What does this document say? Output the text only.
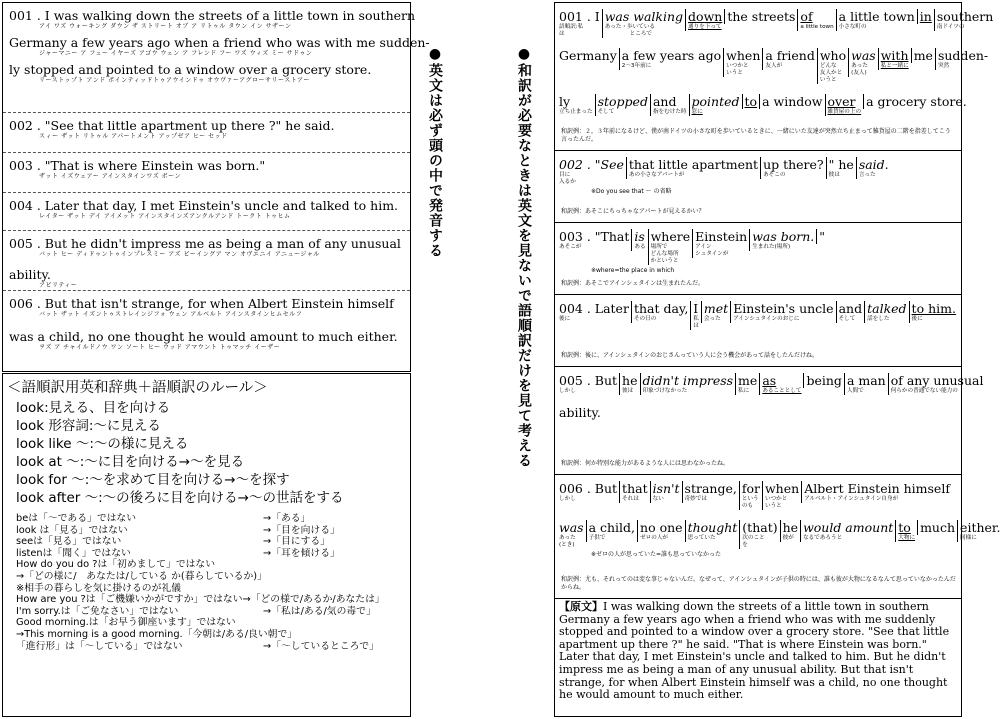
001 . I was walking down the streets of a little town in southern
アイ ワズ ウォーキング ダウン ザ ストリート オブ ア リトゥル タウン イン サザーン
Germany a few years ago when a friend who was with me sudden-
ジャーマニー ア フュー イヤーズ アゴウ ウェン ア フレンド フー ワズ ウィズ ミー サドゥン
ly stopped and pointed to a window over a grocery store.
リーストップト アンド ポインティッドトゥアウインドゥ オウヴァーアグローサリーストアー
002 . "See that little apartment up there ?" he said.
スィー ザット リトゥル アパートメント アップゼア ヒー セッド
003 . "That is where Einstein was born."
ザット イズウェアー アインスタインワズ ボーン
004 . Later that day, I met Einstein's uncle and talked to him.
レイター ザット デイ アイメット アインスタインズアンクルアンド トークト トゥヒム
005 . But he didn't impress me as being a man of any unusual
バット ヒー ディドゥントゥインプレスミー アズ ビーイングア マン オヴエニイ アニュージャル
ability.
アビリティー
006 . But that isn't strange, for when Albert Einstein himself
バット ザット イズントゥストレインジフォ ウェン アルベルト アインスタインヒムセルフ
was a child, no one thought he would amount to much either.
ヲズ ア チャイルドノウ ワン ソート ヒー ウッド アマウント トゥマッチ イーザー
＜語順訳用英和辞典＋語順訳のルール＞
look:見える、目を向ける
look 形容詞:〜に見える
look like 〜:〜の様に見える
look at 〜:〜に目を向ける→〜を見る
look for 〜:〜を求めて目を向ける→〜を探す
look after 〜:〜の後ろに目を向ける→〜の世話をする
beは「〜である」ではない	→「ある」
look は「見る」ではない	→「目を向ける」
seeは「見る」ではない	→「目にする」
listenは「聞く」ではない	→「耳を傾ける」
How do you do ?は「初めまして」ではない
→「どの様に/　あなたは/している か(暮らしているか)」
※相手の暮らしを気に掛けるのが礼儀
How are you ?は「ご機嫌いかがですか」ではない→「どの様で/あるか/あなたは」
I'm sorry.は「ご免なさい」ではない	→「私は/ある/気の毒で」
Good morning.は「お早う御座います」ではない
→This morning is a good morning.「今朝は/ある/良い朝で」
「進行形」は「〜している」ではない	→「〜しているところで」
●英文は必ず頭の中で発音する	●和訳が必要なときは英文を見ないで語順訳だけを見て考える
001 . I
語順訳:私
は
was walking
あった・歩いている
ところで
down
通りを下って
the streets of
a little town
a little town
小さな町の
in southern
南ドイツの
Germany a few years ago
2〜3年前に
when
いつかと
いうと
a friend
友人が
who
どんな
友人かと
いうと
was
あった
(友人)
with
私と一緒に
me sudden-
突然
ly
立ち止まった
stopped
そして
and
指をむけた時
pointed
窓に
to a window over
雑貨屋の上の
a grocery store.
和訳例：２，３年前になるけど、僕が南ドイツの小さな町を歩いているときに、一緒にいた友達が突然立ち止まって雑貨屋の二階を指差してこう言ったんだ。
002 . "See
目に
入るか
that little apartment
あの小さなアパートが
up there?
あそこの
" he
彼は
said.
言った
※Do you see that 〜 の省略
和訳例：あそこにちっちゃなアパートが見えるかい？
003 . "That
あそこが
is
ある
where
場所で
どんな場所
かというと
Einstein
アイン
シュタインが
was born.
生まれた(場所)
"
※where=the place in which
和訳例：あそこでアインシュタインは生まれたんだ。
004 . Later
後に
that day,
その日の
I
私
は
met
会った
Einstein's uncle
アインシュタインのおじに
and
そして
talked
話をした
to him.
後に
和訳例：後に、アインシュタインのおじさんっていう人に会う機会があって話をしたんだけね。
005 . But
しかし
he
彼は
didn't impress
印象づけなかった
me
私に
as
あることとして
being a man
人間で
of any unusual
何らかの普通でない能力の
ability.
和訳例：何か特別な能力があるような人には思わなかったね。
006 . But
しかし
that
それは
isn't
ない
strange,
奇妙では
for
という
のも
when
いつかと
いうと
Albert Einstein himself
アルベルト・アインシュタイン自身が
was
あった
(とき)
a child,
子供で
no one
ゼロの人が
thought
思っていた
(that)
次のこと
を
he
彼が
would amount
なるであろうと
to
大物に
much either.
同様に
※ゼロの人が思っていた=誰も思っていなかった
和訳例：尤も、それってのは変な事じゃないんだ。なぜって、アインシュタインが子供の時には、誰も彼が大物になるなんて思っていなかったんだからね。
【原文】I was walking down the streets of a little town in southern Germany a few years ago when a friend who was with me suddenly stopped and pointed to a window over a grocery store. "See that little apartment up there ?" he said. "That is where Einstein was born." Later that day, I met Einstein's uncle and talked to him. But he didn't impress me as being a man of any unusual ability. But that isn't strange, for when Albert Einstein himself was a child, no one thought he would amount to much either.
